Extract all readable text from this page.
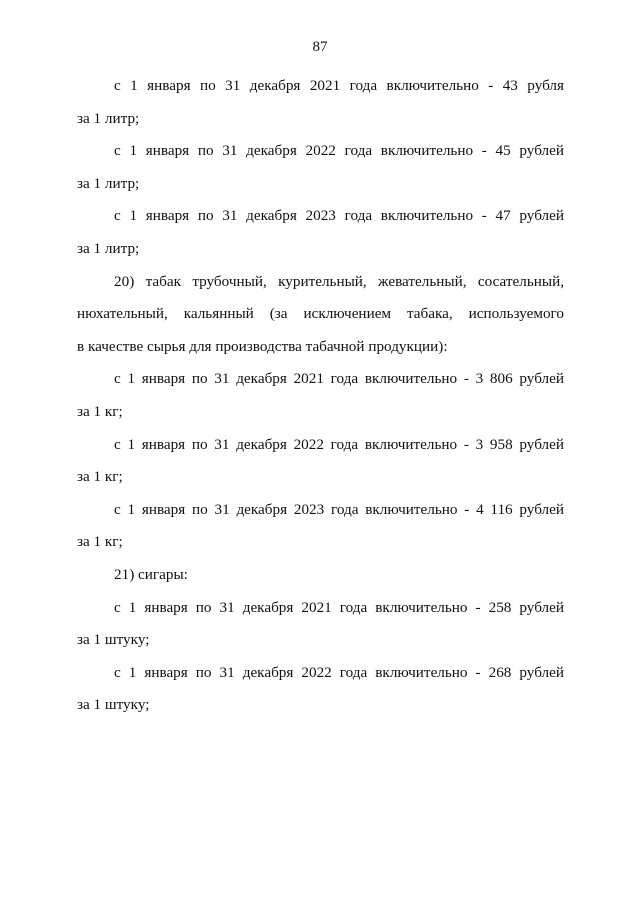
87
с 1 января по 31 декабря 2021 года включительно - 43 рубля
за 1 литр;
с 1 января по 31 декабря 2022 года включительно - 45 рублей
за 1 литр;
с 1 января по 31 декабря 2023 года включительно - 47 рублей
за 1 литр;
20) табак трубочный, курительный, жевательный, сосательный,
нюхательный, кальянный (за исключением табака, используемого
в качестве сырья для производства табачной продукции):
с 1 января по 31 декабря 2021 года включительно - 3 806 рублей
за 1 кг;
с 1 января по 31 декабря 2022 года включительно - 3 958 рублей
за 1 кг;
с 1 января по 31 декабря 2023 года включительно - 4 116 рублей
за 1 кг;
21) сигары:
с 1 января по 31 декабря 2021 года включительно - 258 рублей
за 1 штуку;
с 1 января по 31 декабря 2022 года включительно - 268 рублей
за 1 штуку;
